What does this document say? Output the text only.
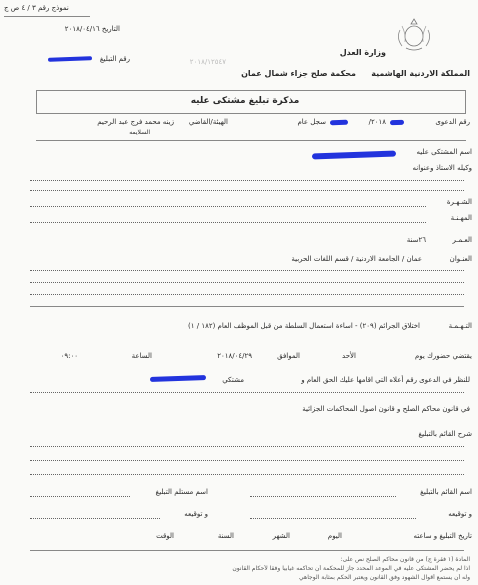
نموذج رقم ٣ / ٤ ص ج
التاريخ ٢٠١٨/٠٤/١٦
رقم التبليغ	٢٠١٨/١٢٥٤٧
وزارة العدل
المملكة الاردنية الهاشمية
محكمة صلح جزاء شمال عمان
مذكرة تبليغ مشتكى عليه
رقم الدعوى
٢٠١٨/
سجل عام
الهيئة/القاضي
زينه محمد فرج عبد الرحيم
السلايمه
اسم المشتكى عليه
وكيله الاستاذ وعنوانه
الشـهـرة
المهـنـة
العـمـر
٢٦سنة
العنـوان
عمان / الجامعة الاردنية / قسم اللغات الحربية
التـهـمـة
اختلاق الجرائم (٢٠٩) - اساءة استعمال السلطة من قبل الموظف العام (١٨٢ / ١)
يقتضي حضورك يوم
الأحد
الموافق
٢٠١٨/٠٤/٢٩
الساعة
٠٩:٠٠
للنظر في الدعوى رقم أعلاه التي اقامها عليك الحق العام و
مشتكي
في قانون محاكم الصلح و قانون اصول المحاكمات الجزائية
شرح القائم بالتبليغ
اسم القائم بالتبليغ
اسم مستلم التبليغ
و توقيعه
و توقيعه
تاريخ التبليغ و ساعته
اليوم
الشهر
السنة
الوقت
المادة (١ فقرة ج) من قانون محاكم الصلح نص على:
اذا لم يحضر المشتكى عليه في الموعد المحدد جاز للمحكمة أن تحاكمه غيابيا وفقا لأحكام القانون
وله أن يستمع أقوال الشهود وفق القانون ويعتبر الحكم بمثابة الوجاهي
